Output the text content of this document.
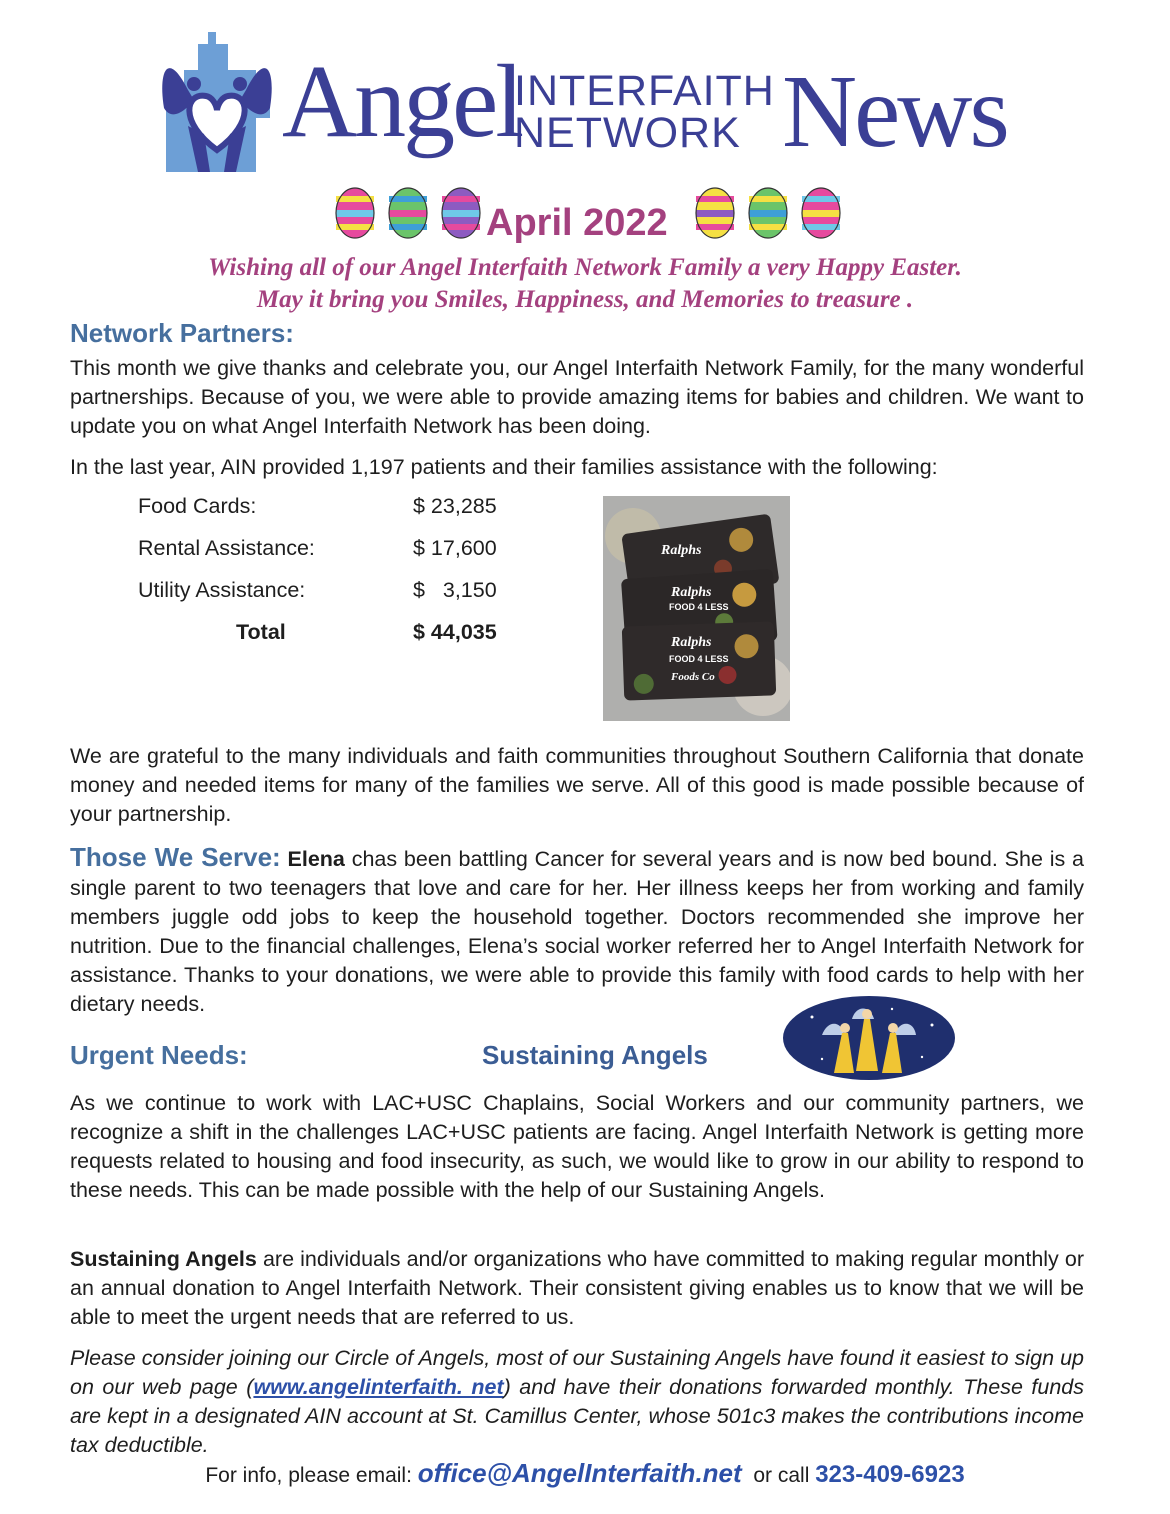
Angel
INTERFAITH
NETWORK News
April 2022
Wishing all of our Angel Interfaith Network Family a very Happy Easter.
May it bring you Smiles, Happiness, and Memories to treasure .
Network Partners:
This month we give thanks and celebrate you, our Angel Interfaith Network Family, for the many wonderful partnerships. Because of you, we were able to provide amazing items for babies and children. We want to update you on what Angel Interfaith Network has been doing.
In the last year, AIN provided 1,197 patients and their families assistance with the following:
Food Cards:	$ 23,285
Rental Assistance:	$ 17,600
Utility Assistance:	$   3,150
Total	$ 44,035
Ralphs
Ralphs
FOOD 4 LESS
Ralphs
FOOD 4 LESS
Foods Co
We are grateful to the many individuals and faith communities throughout Southern California that donate money and needed items for many of the families we serve. All of this good is made possible because of your partnership.

Those We Serve: Elena chas been battling Cancer for several years and is now bed bound. She is a single parent to two teenagers that love and care for her. Her illness keeps her from working and family members juggle odd jobs to keep the household together. Doctors recommended she improve her nutrition. Due to the financial challenges, Elena’s social worker referred her to Angel Interfaith Network for assistance. Thanks to your donations, we were able to provide this family with food cards to help with her dietary needs.

Urgent Needs:	Sustaining Angels
As we continue to work with LAC+USC Chaplains, Social Workers and our community partners, we recognize a shift in the challenges LAC+USC patients are facing. Angel Interfaith Network is getting more requests related to housing and food insecurity, as such, we would like to grow in our ability to respond to these needs. This can be made possible with the help of our Sustaining Angels.

Sustaining Angels are individuals and/or organizations who have committed to making regular monthly or an annual donation to Angel Interfaith Network. Their consistent giving enables us to know that we will be able to meet the urgent needs that are referred to us.

Please consider joining our Circle of Angels, most of our Sustaining Angels have found it easiest to sign up on our web page (www.angelinterfaith. net) and have their donations forwarded monthly. These funds are kept in a designated AIN account at St. Camillus Center, whose 501c3 makes the contributions income tax deductible.

For info, please email: office@AngelInterfaith.net  or call 323-409-6923
